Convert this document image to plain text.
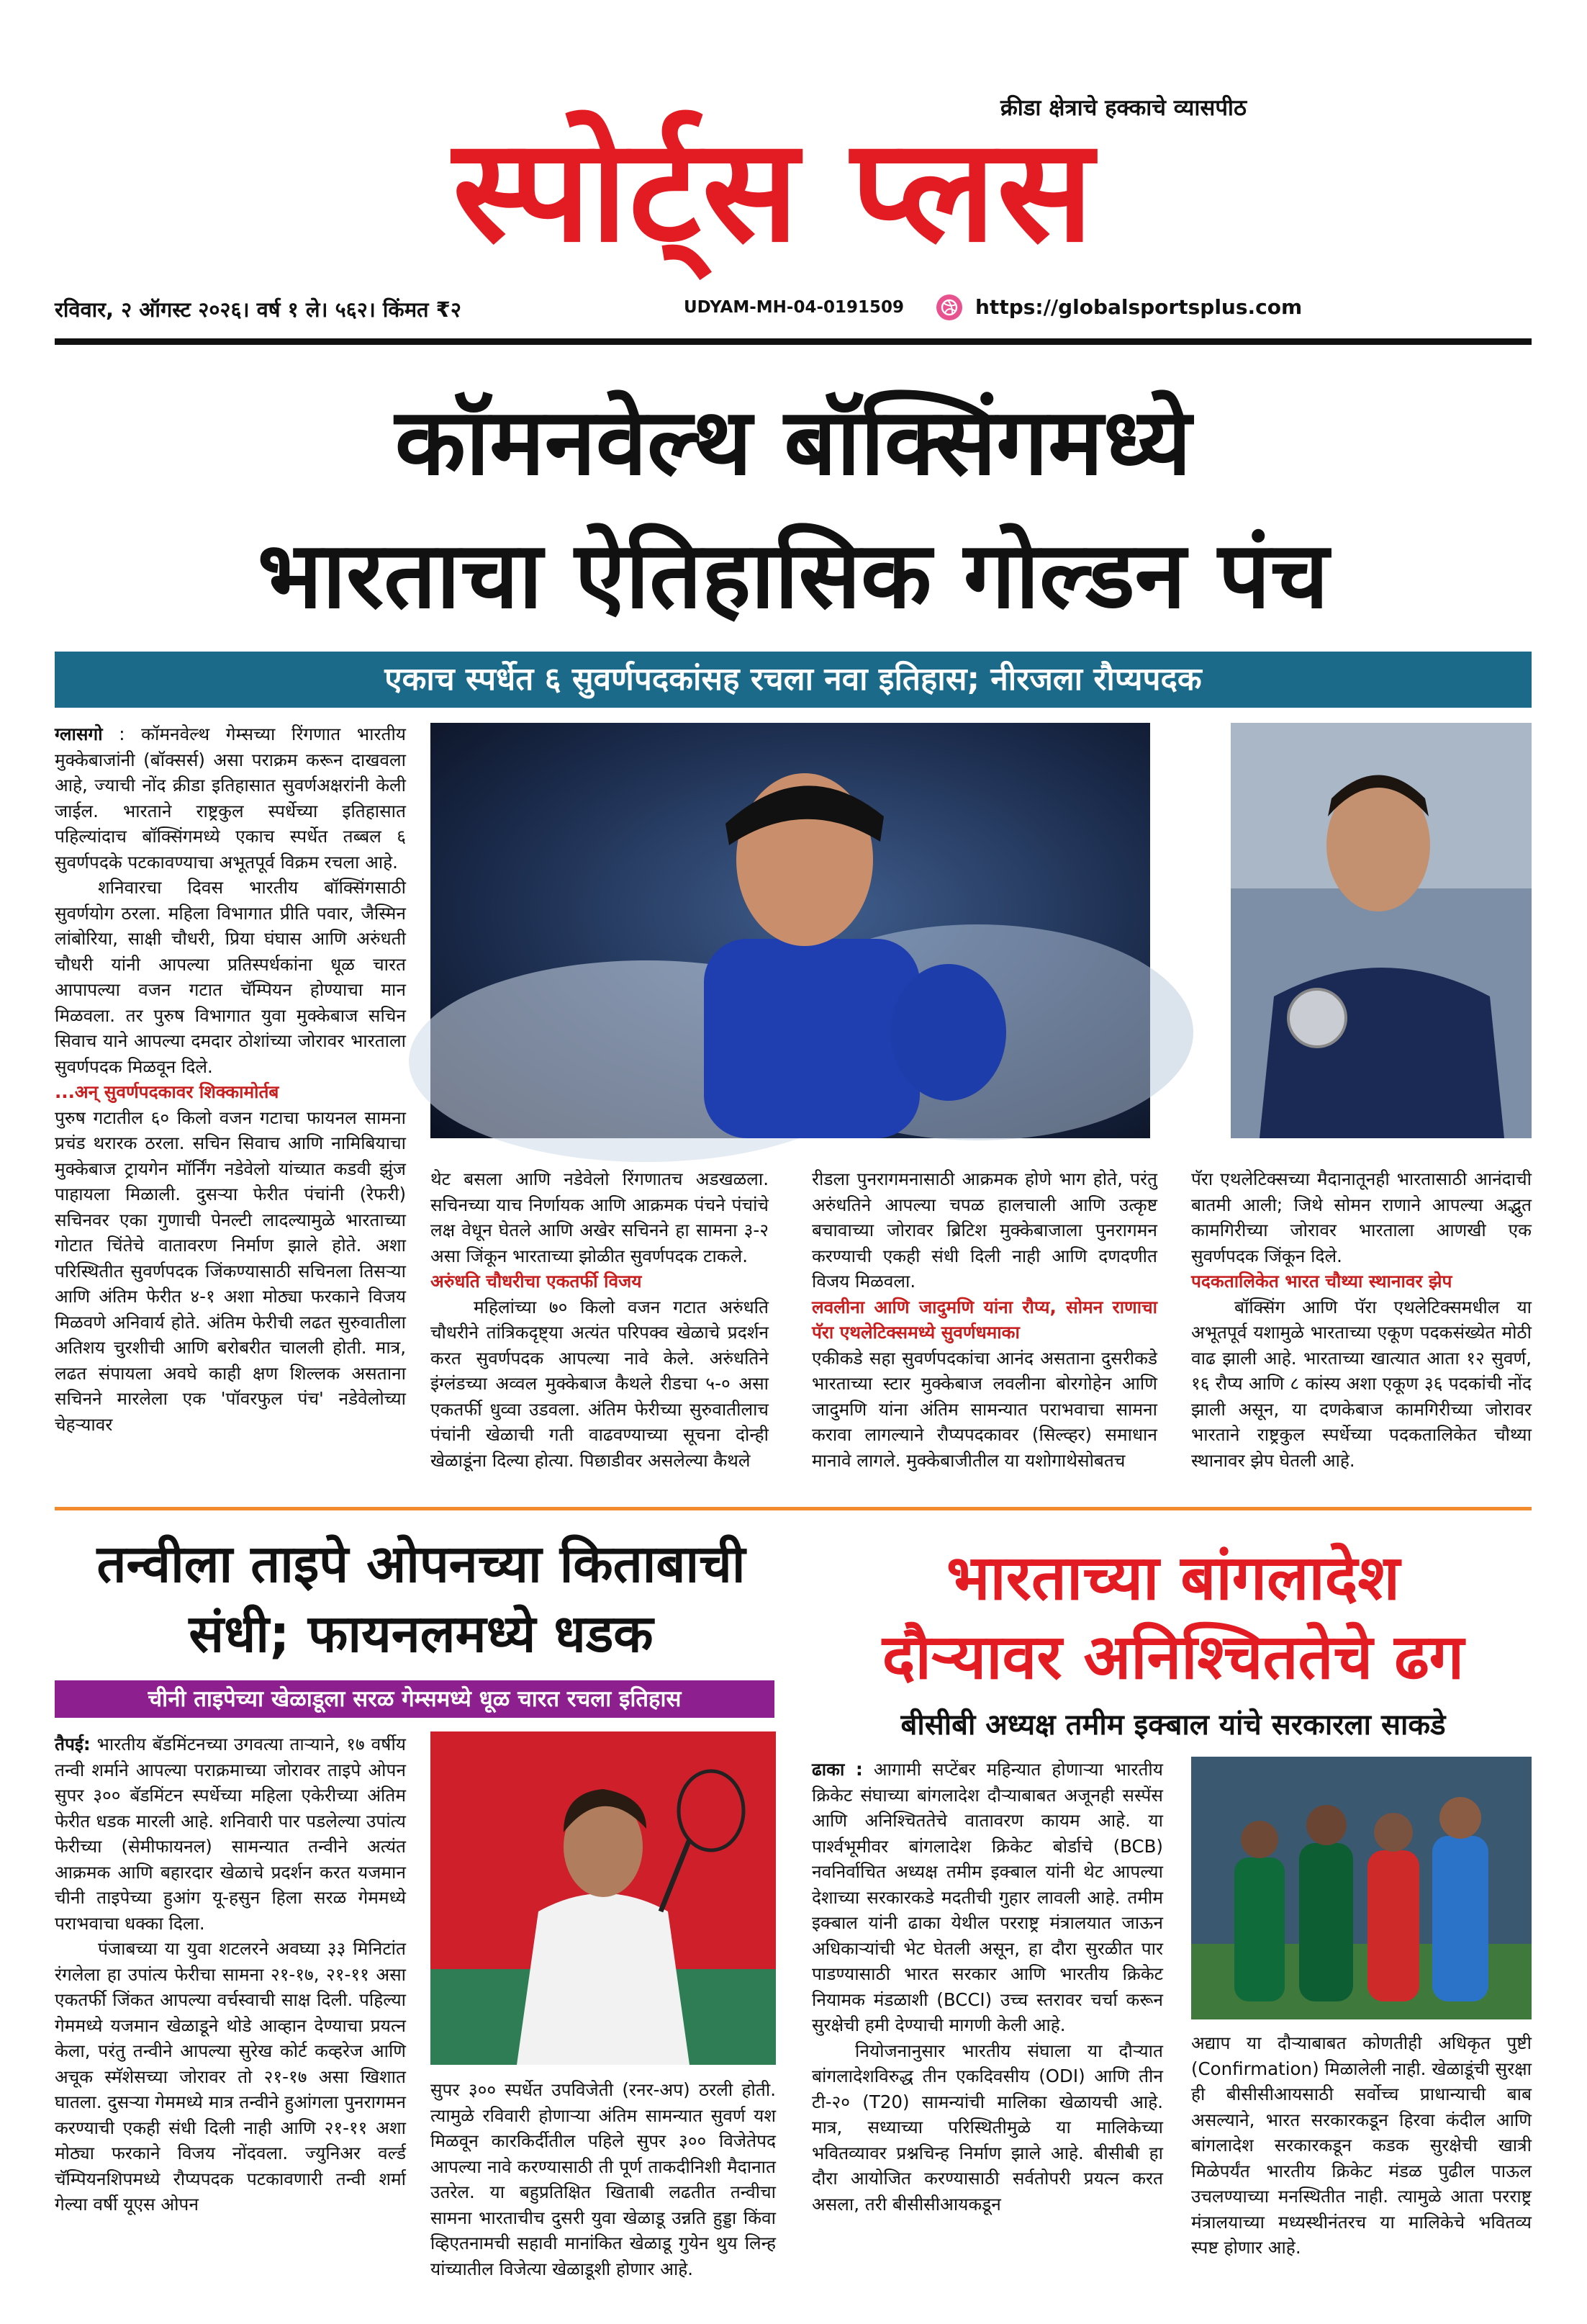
क्रीडा क्षेत्राचे हक्काचे व्यासपीठ
स्पोर्ट्स प्लस
रविवार, २ ऑगस्ट २०२६। वर्ष १ ले। ५६२। किंमत ₹२	UDYAM-MH-04-0191509	https://globalsportsplus.com
कॉमनवेल्थ बॉक्सिंगमध्ये
भारताचा ऐतिहासिक गोल्डन पंच
एकाच स्पर्धेत ६ सुवर्णपदकांसह रचला नवा इतिहास; नीरजला रौप्यपदक

ग्लासगो : कॉमनवेल्थ गेम्सच्या रिंगणात भारतीय मुक्केबाजांनी (बॉक्सर्स) असा पराक्रम करून दाखवला आहे, ज्याची नोंद क्रीडा इतिहासात सुवर्णअक्षरांनी केली जाईल. भारताने राष्ट्रकुल स्पर्धेच्या इतिहासात पहिल्यांदाच बॉक्सिंगमध्ये एकाच स्पर्धेत तब्बल ६ सुवर्णपदके पटकावण्याचा अभूतपूर्व विक्रम रचला आहे.

शनिवारचा दिवस भारतीय बॉक्सिंगसाठी सुवर्णयोग ठरला. महिला विभागात प्रीति पवार, जैस्मिन लांबोरिया, साक्षी चौधरी, प्रिया घंघास आणि अरुंधती चौधरी यांनी आपल्या प्रतिस्पर्धकांना धूळ चारत आपापल्या वजन गटात चॅम्पियन होण्याचा मान मिळवला. तर पुरुष विभागात युवा मुक्केबाज सचिन सिवाच याने आपल्या दमदार ठोशांच्या जोरावर भारताला सुवर्णपदक मिळवून दिले.

...अन् सुवर्णपदकावर शिक्कामोर्तब

पुरुष गटातील ६० किलो वजन गटाचा फायनल सामना प्रचंड थरारक ठरला. सचिन सिवाच आणि नामिबियाचा मुक्केबाज ट्रायगेन मॉर्निंग नडेवेलो यांच्यात कडवी झुंज पाहायला मिळाली. दुसऱ्या फेरीत पंचांनी (रेफरी) सचिनवर एका गुणाची पेनल्टी लादल्यामुळे भारताच्या गोटात चिंतेचे वातावरण निर्माण झाले होते. अशा परिस्थितीत सुवर्णपदक जिंकण्यासाठी सचिनला तिसऱ्या आणि अंतिम फेरीत ४-१ अशा मोठ्या फरकाने विजय मिळवणे अनिवार्य होते. अंतिम फेरीची लढत सुरुवातीला अतिशय चुरशीची आणि बरोबरीत चालली होती. मात्र, लढत संपायला अवघे काही क्षण शिल्लक असताना सचिनने मारलेला एक 'पॉवरफुल पंच' नडेवेलोच्या चेहऱ्यावर

थेट बसला आणि नडेवेलो रिंगणातच अडखळला. सचिनच्या याच निर्णायक आणि आक्रमक पंचने पंचांचे लक्ष वेधून घेतले आणि अखेर सचिनने हा सामना ३-२ असा जिंकून भारताच्या झोळीत सुवर्णपदक टाकले.

अरुंधति चौधरीचा एकतर्फी विजय

महिलांच्या ७० किलो वजन गटात अरुंधति चौधरीने तांत्रिकदृष्ट्या अत्यंत परिपक्व खेळाचे प्रदर्शन करत सुवर्णपदक आपल्या नावे केले. अरुंधतिने इंग्लंडच्या अव्वल मुक्केबाज कैथले रीडचा ५-० असा एकतर्फी धुव्वा उडवला. अंतिम फेरीच्या सुरुवातीलाच पंचांनी खेळाची गती वाढवण्याच्या सूचना दोन्ही खेळाडूंना दिल्या होत्या. पिछाडीवर असलेल्या कैथले

रीडला पुनरागमनासाठी आक्रमक होणे भाग होते, परंतु अरुंधतिने आपल्या चपळ हालचाली आणि उत्कृष्ट बचावाच्या जोरावर ब्रिटिश मुक्केबाजाला पुनरागमन करण्याची एकही संधी दिली नाही आणि दणदणीत विजय मिळवला.

लवलीना आणि जादुमणि यांना रौप्य, सोमन राणाचा पॅरा एथलेटिक्समध्ये सुवर्णधमाका

एकीकडे सहा सुवर्णपदकांचा आनंद असताना दुसरीकडे भारताच्या स्टार मुक्केबाज लवलीना बोरगोहेन आणि जादुमणि यांना अंतिम सामन्यात पराभवाचा सामना करावा लागल्याने रौप्यपदकावर (सिल्व्हर) समाधान मानावे लागले. मुक्केबाजीतील या यशोगाथेसोबतच

पॅरा एथलेटिक्सच्या मैदानातूनही भारतासाठी आनंदाची बातमी आली; जिथे सोमन राणाने आपल्या अद्भुत कामगिरीच्या जोरावर भारताला आणखी एक सुवर्णपदक जिंकून दिले.

पदकतालिकेत भारत चौथ्या स्थानावर झेप

बॉक्सिंग आणि पॅरा एथलेटिक्समधील या अभूतपूर्व यशामुळे भारताच्या एकूण पदकसंख्येत मोठी वाढ झाली आहे. भारताच्या खात्यात आता १२ सुवर्ण, १६ रौप्य आणि ८ कांस्य अशा एकूण ३६ पदकांची नोंद झाली असून, या दणकेबाज कामगिरीच्या जोरावर भारताने राष्ट्रकुल स्पर्धेच्या पदकतालिकेत चौथ्या स्थानावर झेप घेतली आहे.

तन्वीला ताइपे ओपनच्या किताबाची
संधी; फायनलमध्ये धडक
चीनी ताइपेच्या खेळाडूला सरळ गेम्समध्ये धूळ चारत रचला इतिहास

तैपई: भारतीय बॅडमिंटनच्या उगवत्या ताऱ्याने, १७ वर्षीय तन्वी शर्माने आपल्या पराक्रमाच्या जोरावर ताइपे ओपन सुपर ३०० बॅडमिंटन स्पर्धेच्या महिला एकेरीच्या अंतिम फेरीत धडक मारली आहे. शनिवारी पार पडलेल्या उपांत्य फेरीच्या (सेमीफायनल) सामन्यात तन्वीने अत्यंत आक्रमक आणि बहारदार खेळाचे प्रदर्शन करत यजमान चीनी ताइपेच्या हुआंग यू-हसुन हिला सरळ गेममध्ये पराभवाचा धक्का दिला.

पंजाबच्या या युवा शटलरने अवघ्या ३३ मिनिटांत रंगलेला हा उपांत्य फेरीचा सामना २१-१७, २१-११ असा एकतर्फी जिंकत आपल्या वर्चस्वाची साक्ष दिली. पहिल्या गेममध्ये यजमान खेळाडूने थोडे आव्हान देण्याचा प्रयत्न केला, परंतु तन्वीने आपल्या सुरेख कोर्ट कव्हरेज आणि अचूक स्मॅशेसच्या जोरावर तो २१-१७ असा खिशात घातला. दुसऱ्या गेममध्ये मात्र तन्वीने हुआंगला पुनरागमन करण्याची एकही संधी दिली नाही आणि २१-११ अशा मोठ्या फरकाने विजय नोंदवला. ज्युनिअर वर्ल्ड चॅम्पियनशिपमध्ये रौप्यपदक पटकावणारी तन्वी शर्मा गेल्या वर्षी यूएस ओपन

सुपर ३०० स्पर्धेत उपविजेती (रनर-अप) ठरली होती. त्यामुळे रविवारी होणाऱ्या अंतिम सामन्यात सुवर्ण यश मिळवून कारकिर्दीतील पहिले सुपर ३०० विजेतेपद आपल्या नावे करण्यासाठी ती पूर्ण ताकदीनिशी मैदानात उतरेल. या बहुप्रतिक्षित खिताबी लढतीत तन्वीचा सामना भारताचीच दुसरी युवा खेळाडू उन्नति हुड्डा किंवा व्हिएतनामची सहावी मानांकित खेळाडू गुयेन थुय लिन्ह यांच्यातील विजेत्या खेळाडूशी होणार आहे.

भारताच्या बांगलादेश
दौऱ्यावर अनिश्चिततेचे ढग
बीसीबी अध्यक्ष तमीम इक्बाल यांचे सरकारला साकडे

ढाका : आगामी सप्टेंबर महिन्यात होणाऱ्या भारतीय क्रिकेट संघाच्या बांगलादेश दौऱ्याबाबत अजूनही सस्पेंस आणि अनिश्चिततेचे वातावरण कायम आहे. या पार्श्वभूमीवर बांगलादेश क्रिकेट बोर्डाचे (BCB) नवनिर्वाचित अध्यक्ष तमीम इक्बाल यांनी थेट आपल्या देशाच्या सरकारकडे मदतीची गुहार लावली आहे. तमीम इक्बाल यांनी ढाका येथील परराष्ट्र मंत्रालयात जाऊन अधिकाऱ्यांची भेट घेतली असून, हा दौरा सुरळीत पार पाडण्यासाठी भारत सरकार आणि भारतीय क्रिकेट नियामक मंडळाशी (BCCI) उच्च स्तरावर चर्चा करून सुरक्षेची हमी देण्याची मागणी केली आहे.

नियोजनानुसार भारतीय संघाला या दौऱ्यात बांगलादेशविरुद्ध तीन एकदिवसीय (ODI) आणि तीन टी-२० (T20) सामन्यांची मालिका खेळायची आहे. मात्र, सध्याच्या परिस्थितीमुळे या मालिकेच्या भवितव्यावर प्रश्नचिन्ह निर्माण झाले आहे. बीसीबी हा दौरा आयोजित करण्यासाठी सर्वतोपरी प्रयत्न करत असला, तरी बीसीसीआयकडून

अद्याप या दौऱ्याबाबत कोणतीही अधिकृत पुष्टी (Confirmation) मिळालेली नाही. खेळाडूंची सुरक्षा ही बीसीसीआयसाठी सर्वोच्च प्राधान्याची बाब असल्याने, भारत सरकारकडून हिरवा कंदील आणि बांगलादेश सरकारकडून कडक सुरक्षेची खात्री मिळेपर्यंत भारतीय क्रिकेट मंडळ पुढील पाऊल उचलण्याच्या मनस्थितीत नाही. त्यामुळे आता परराष्ट्र मंत्रालयाच्या मध्यस्थीनंतरच या मालिकेचे भवितव्य स्पष्ट होणार आहे.
